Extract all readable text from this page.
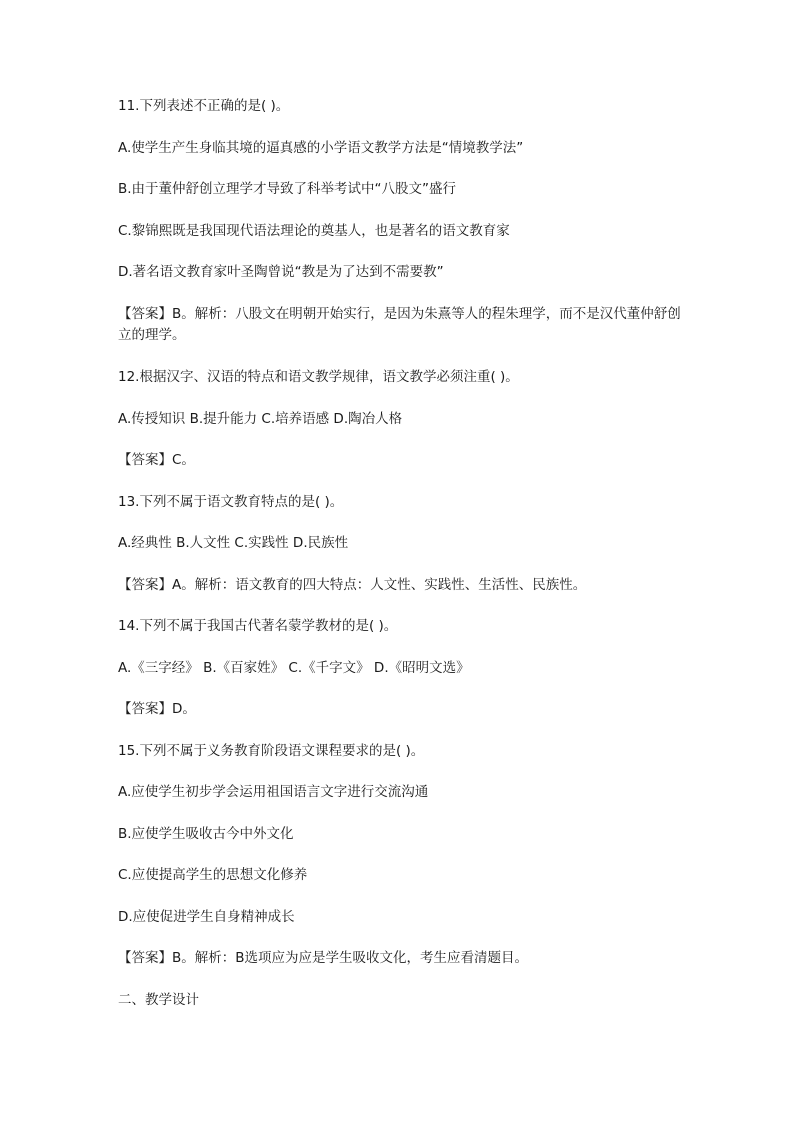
11.下列表述不正确的是( )。

A.使学生产生身临其境的逼真感的小学语文教学方法是“情境教学法”

B.由于董仲舒创立理学才导致了科举考试中“八股文”盛行

C.黎锦熙既是我国现代语法理论的奠基人，也是著名的语文教育家

D.著名语文教育家叶圣陶曾说“教是为了达到不需要教”

【答案】B。解析：八股文在明朝开始实行，是因为朱熹等人的程朱理学，而不是汉代董仲舒创立的理学。

12.根据汉字、汉语的特点和语文教学规律，语文教学必须注重( )。

A.传授知识 B.提升能力 C.培养语感 D.陶冶人格

【答案】C。

13.下列不属于语文教育特点的是( )。

A.经典性 B.人文性 C.实践性 D.民族性

【答案】A。解析：语文教育的四大特点：人文性、实践性、生活性、民族性。

14.下列不属于我国古代著名蒙学教材的是( )。

A.《三字经》 B.《百家姓》 C.《千字文》 D.《昭明文选》

【答案】D。

15.下列不属于义务教育阶段语文课程要求的是( )。

A.应使学生初步学会运用祖国语言文字进行交流沟通

B.应使学生吸收古今中外文化

C.应使提高学生的思想文化修养

D.应使促进学生自身精神成长

【答案】B。解析：B选项应为应是学生吸收文化，考生应看清题目。

二、教学设计
